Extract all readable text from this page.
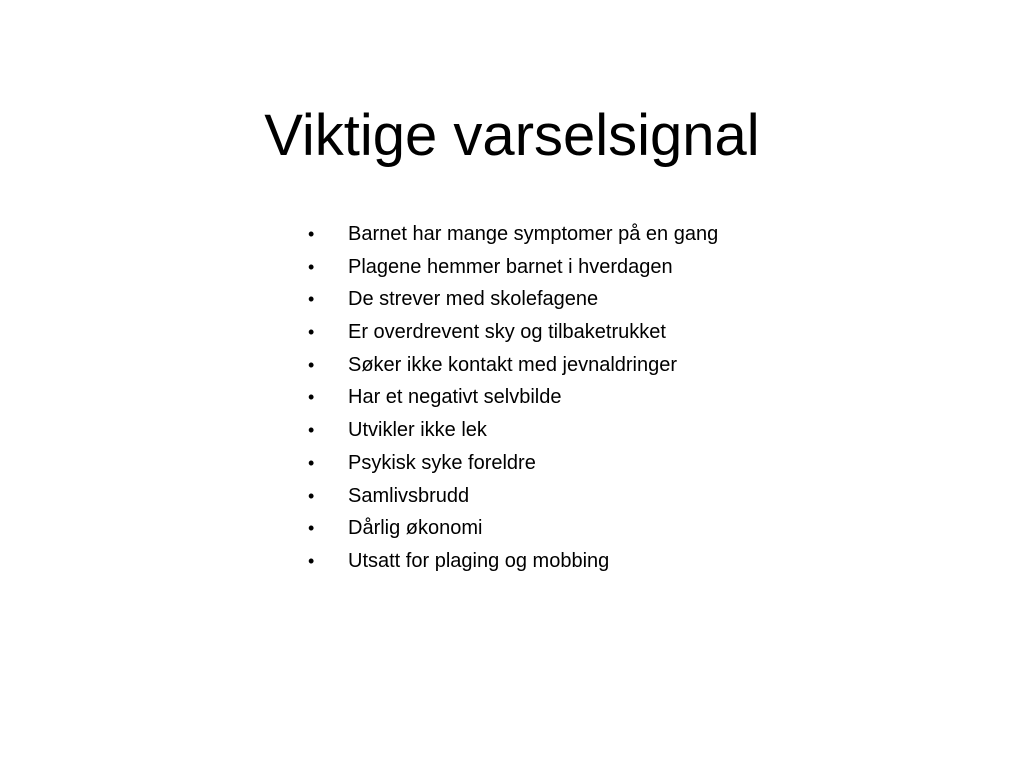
Viktige varselsignal
•	Barnet har mange symptomer på en gang
•	Plagene hemmer barnet i hverdagen
•	De strever med skolefagene
•	Er overdrevent sky og tilbaketrukket
•	Søker ikke kontakt med jevnaldringer
•	Har et negativt selvbilde
•	Utvikler ikke lek
•	Psykisk syke foreldre
•	Samlivsbrudd
•	Dårlig økonomi
•	Utsatt for plaging og mobbing
